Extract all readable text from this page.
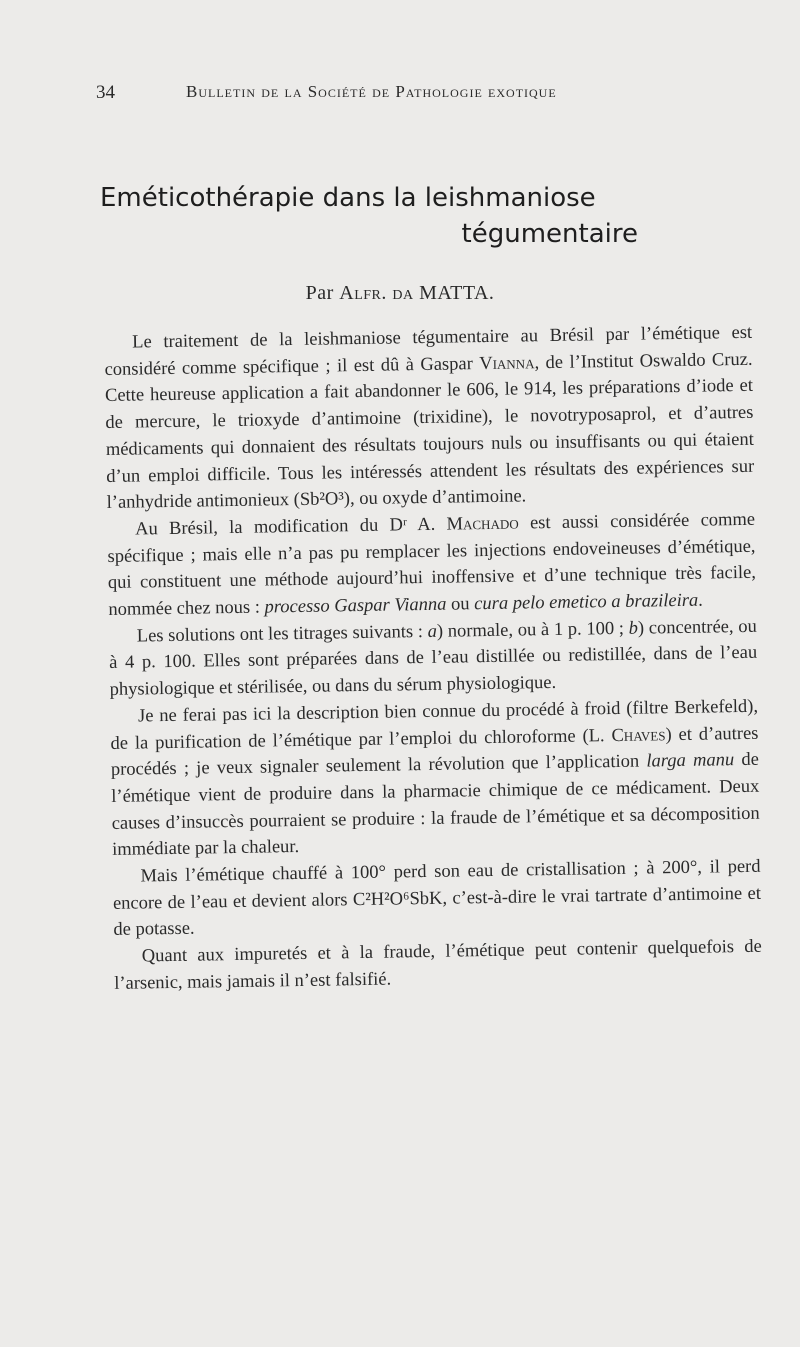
34	Bulletin de la Société de Pathologie exotique
Eméticothérapie dans la leishmaniose
tégumentaire
Par Alfr. da MATTA.

Le traitement de la leishmaniose tégumentaire au Brésil par l’émétique est considéré comme spécifique ; il est dû à Gaspar Vianna, de l’Institut Oswaldo Cruz. Cette heureuse application a fait abandonner le 606, le 914, les préparations d’iode et de mercure, le trioxyde d’antimoine (trixidine), le novotryposaprol, et d’autres médicaments qui donnaient des résultats toujours nuls ou insuffisants ou qui étaient d’un emploi difficile. Tous les intéressés attendent les résultats des expériences sur l’anhydride antimonieux (Sb²O³), ou oxyde d’antimoine.

Au Brésil, la modification du Dʳ A. Machado est aussi considérée comme spécifique ; mais elle n’a pas pu remplacer les injections endoveineuses d’émétique, qui constituent une méthode aujourd’hui inoffensive et d’une technique très facile, nommée chez nous : processo Gaspar Vianna ou cura pelo emetico a brazileira.

Les solutions ont les titrages suivants : a) normale, ou à 1 p. 100 ; b) concentrée, ou à 4 p. 100. Elles sont préparées dans de l’eau distillée ou redistillée, dans de l’eau physiologique et stérilisée, ou dans du sérum physiologique.

Je ne ferai pas ici la description bien connue du procédé à froid (filtre Berkefeld), de la purification de l’émétique par l’emploi du chloroforme (L. Chaves) et d’autres procédés ; je veux signaler seulement la révolution que l’application larga manu de l’émétique vient de produire dans la pharmacie chimique de ce médicament. Deux causes d’insuccès pourraient se produire : la fraude de l’émétique et sa décomposition immédiate par la chaleur.

Mais l’émétique chauffé à 100° perd son eau de cristallisation ; à 200°, il perd encore de l’eau et devient alors C²H²O⁶SbK, c’est-à-dire le vrai tartrate d’antimoine et de potasse.

Quant aux impuretés et à la fraude, l’émétique peut contenir quelquefois de l’arsenic, mais jamais il n’est falsifié.
